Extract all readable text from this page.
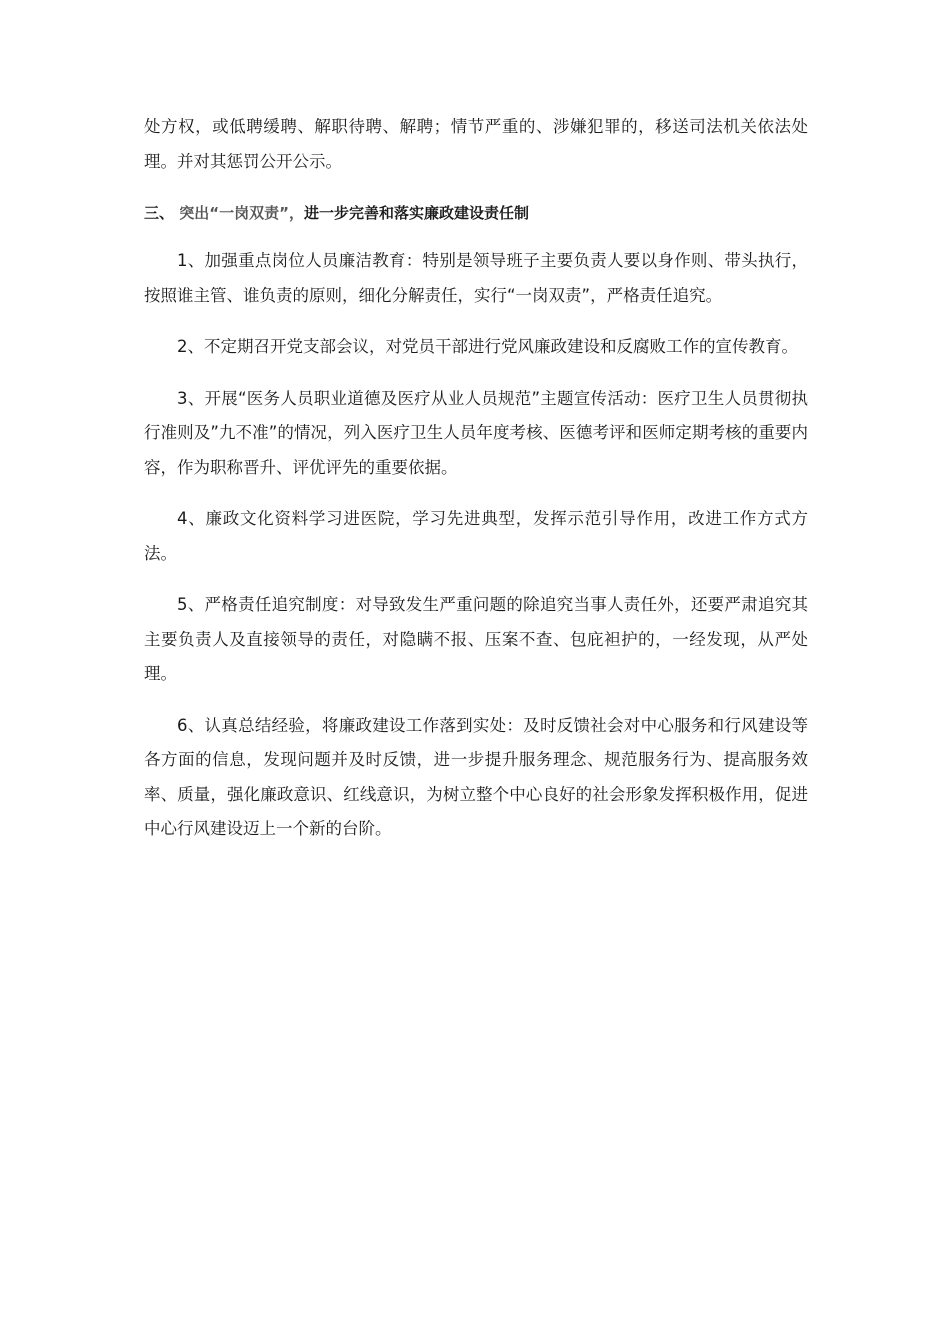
处方权，或低聘缓聘、解职待聘、解聘；情节严重的、涉嫌犯罪的，移送司法机关依法处理。并对其惩罚公开公示。

三、 突出“一岗双责”，进一步完善和落实廉政建设责任制

1、加强重点岗位人员廉洁教育：特别是领导班子主要负责人要以身作则、带头执行， 按照谁主管、谁负责的原则，细化分解责任，实行“一岗双责”，严格责任追究。

2、不定期召开党支部会议，对党员干部进行党风廉政建设和反腐败工作的宣传教育。

3、开展“医务人员职业道德及医疗从业人员规范”主题宣传活动：医疗卫生人员贯彻执行准则及”九不准”的情况，列入医疗卫生人员年度考核、医德考评和医师定期考核的重要内容，作为职称晋升、评优评先的重要依据。

4、廉政文化资料学习进医院，学习先进典型，发挥示范引导作用，改进工作方式方法。

5、严格责任追究制度：对导致发生严重问题的除追究当事人责任外，还要严肃追究其主要负责人及直接领导的责任，对隐瞒不报、压案不查、包庇袒护的，一经发现，从严处理。

6、认真总结经验，将廉政建设工作落到实处：及时反馈社会对中心服务和行风建设等各方面的信息，发现问题并及时反馈，进一步提升服务理念、规范服务行为、提高服务效率、质量，强化廉政意识、红线意识，为树立整个中心良好的社会形象发挥积极作用，促进中心行风建设迈上一个新的台阶。
